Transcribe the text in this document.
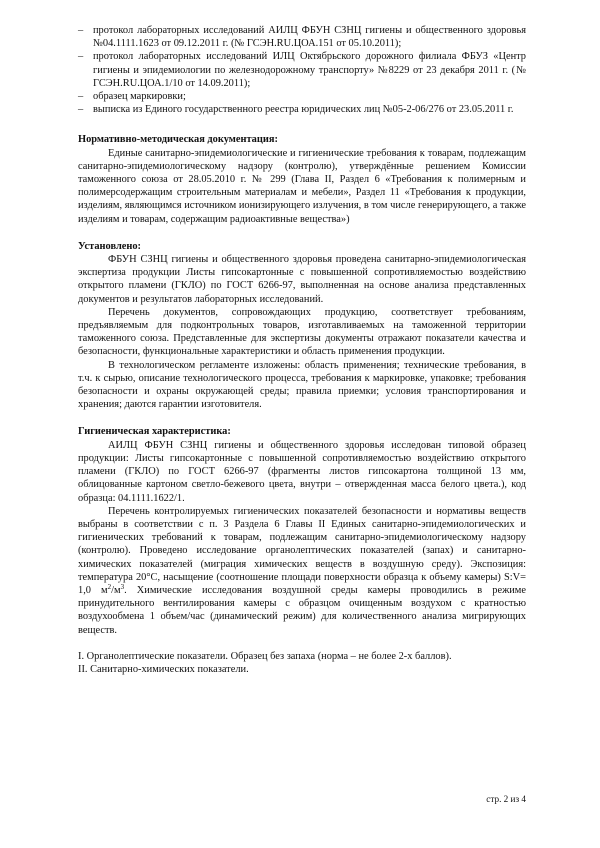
– протокол лабораторных исследований АИЛЦ ФБУН СЗНЦ гигиены и общественного здоровья №04.1111.1623 от 09.12.2011 г. (№ ГСЭН.RU.ЦОА.151 от 05.10.2011);
– протокол лабораторных исследований ИЛЦ Октябрьского дорожного филиала ФБУЗ «Центр гигиены и эпидемиологии по железнодорожному транспорту» №8229 от 23 декабря 2011 г. (№ ГСЭН.RU.ЦОА.1/10 от 14.09.2011);
– образец маркировки;
– выписка из Единого государственного реестра юридических лиц №05-2-06/276 от 23.05.2011 г.
Нормативно-методическая документация:
Единые санитарно-эпидемиологические и гигиенические требования к товарам, подлежащим санитарно-эпидемиологическому надзору (контролю), утверждённые решением Комиссии таможенного союза от 28.05.2010 г. № 299 (Глава II, Раздел 6 «Требования к полимерным и полимерсодержащим строительным материалам и мебели», Раздел 11 «Требования к продукции, изделиям, являющимся источником ионизирующего излучения, в том числе генерирующего, а также изделиям и товарам, содержащим радиоактивные вещества»)
Установлено:
ФБУН СЗНЦ гигиены и общественного здоровья проведена санитарно-эпидемиологическая экспертиза продукции Листы гипсокартонные с повышенной сопротивляемостью воздействию открытого пламени (ГКЛО) по ГОСТ 6266-97, выполненная на основе анализа представленных документов и результатов лабораторных исследований.
Перечень документов, сопровождающих продукцию, соответствует требованиям, предъявляемым для подконтрольных товаров, изготавливаемых на таможенной территории таможенного союза. Представленные для экспертизы документы отражают показатели качества и безопасности, функциональные характеристики и область применения продукции.
В технологическом регламенте изложены: область применения; технические требования, в т.ч. к сырью, описание технологического процесса, требования к маркировке, упаковке; требования безопасности и охраны окружающей среды; правила приемки; условия транспортирования и хранения; даются гарантии изготовителя.
Гигиеническая характеристика:
АИЛЦ ФБУН СЗНЦ гигиены и общественного здоровья исследован типовой образец продукции: Листы гипсокартонные с повышенной сопротивляемостью воздействию открытого пламени (ГКЛО) по ГОСТ 6266-97 (фрагменты листов гипсокартона толщиной 13 мм, облицованные картоном светло-бежевого цвета, внутри – отвержденная масса белого цвета.), код образца: 04.1111.1622/1.
Перечень контролируемых гигиенических показателей безопасности и нормативы веществ выбраны в соответствии с п. 3 Раздела 6 Главы II Единых санитарно-эпидемиологических и гигиенических требований к товарам, подлежащим санитарно-эпидемиологическому надзору (контролю). Проведено исследование органолептических показателей (запах) и санитарно-химических показателей (миграция химических веществ в воздушную среду). Экспозиция: температура 20°С, насыщение (соотношение площади поверхности образца к объему камеры) S:V= 1,0 $м^2/м^3$. Химические исследования воздушной среды камеры проводились в режиме принудительного вентилирования камеры с образцом очищенным воздухом с кратностью воздухообмена 1 объем/час (динамический режим) для количественного анализа мигрирующих веществ.
I. Органолептические показатели. Образец без запаха (норма – не более 2-х баллов).
II. Санитарно-химических показатели.
стр. 2 из 4
